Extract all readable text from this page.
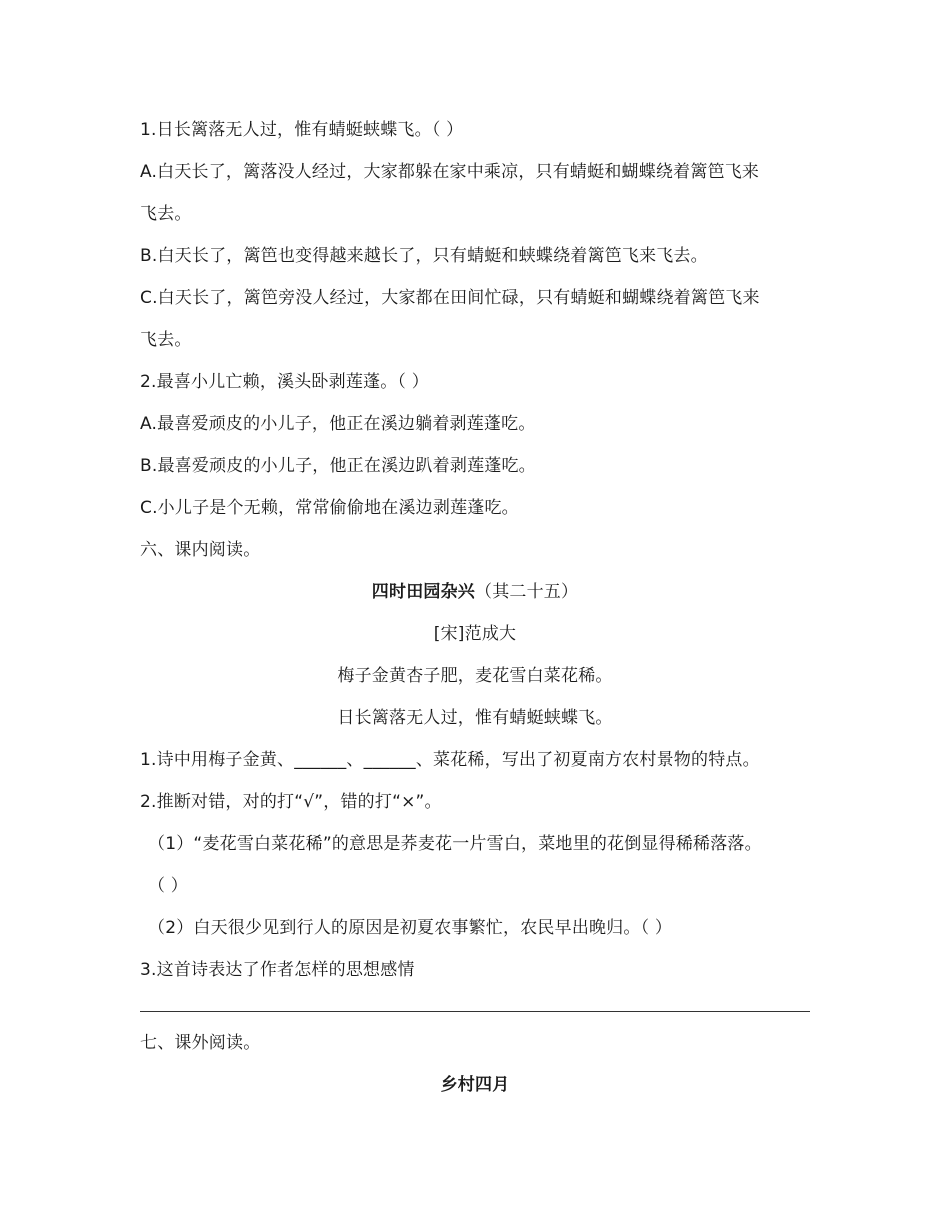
1.日长篱落无人过，惟有蜻蜓蛱蝶飞。（ ）
A.白天长了，篱落没人经过，大家都躲在家中乘凉，只有蜻蜓和蝴蝶绕着篱笆飞来
飞去。
B.白天长了，篱笆也变得越来越长了，只有蜻蜓和蛱蝶绕着篱笆飞来飞去。
C.白天长了，篱笆旁没人经过，大家都在田间忙碌，只有蜻蜓和蝴蝶绕着篱笆飞来
飞去。
2.最喜小儿亡赖，溪头卧剥莲蓬。（ ）
A.最喜爱顽皮的小儿子，他正在溪边躺着剥莲蓬吃。
B.最喜爱顽皮的小儿子，他正在溪边趴着剥莲蓬吃。
C.小儿子是个无赖，常常偷偷地在溪边剥莲蓬吃。
六、课内阅读。
四时田园杂兴（其二十五）
[宋]范成大
梅子金黄杏子肥，麦花雪白菜花稀。
日长篱落无人过，惟有蜻蜓蛱蝶飞。
1.诗中用梅子金黄、______、______、菜花稀，写出了初夏南方农村景物的特点。
2.推断对错，对的打“√”，错的打“×”。
（1）“麦花雪白菜花稀”的意思是荞麦花一片雪白，菜地里的花倒显得稀稀落落。
（ ）
（2）白天很少见到行人的原因是初夏农事繁忙，农民早出晚归。（ ）
3.这首诗表达了作者怎样的思想感情
七、课外阅读。
乡村四月
